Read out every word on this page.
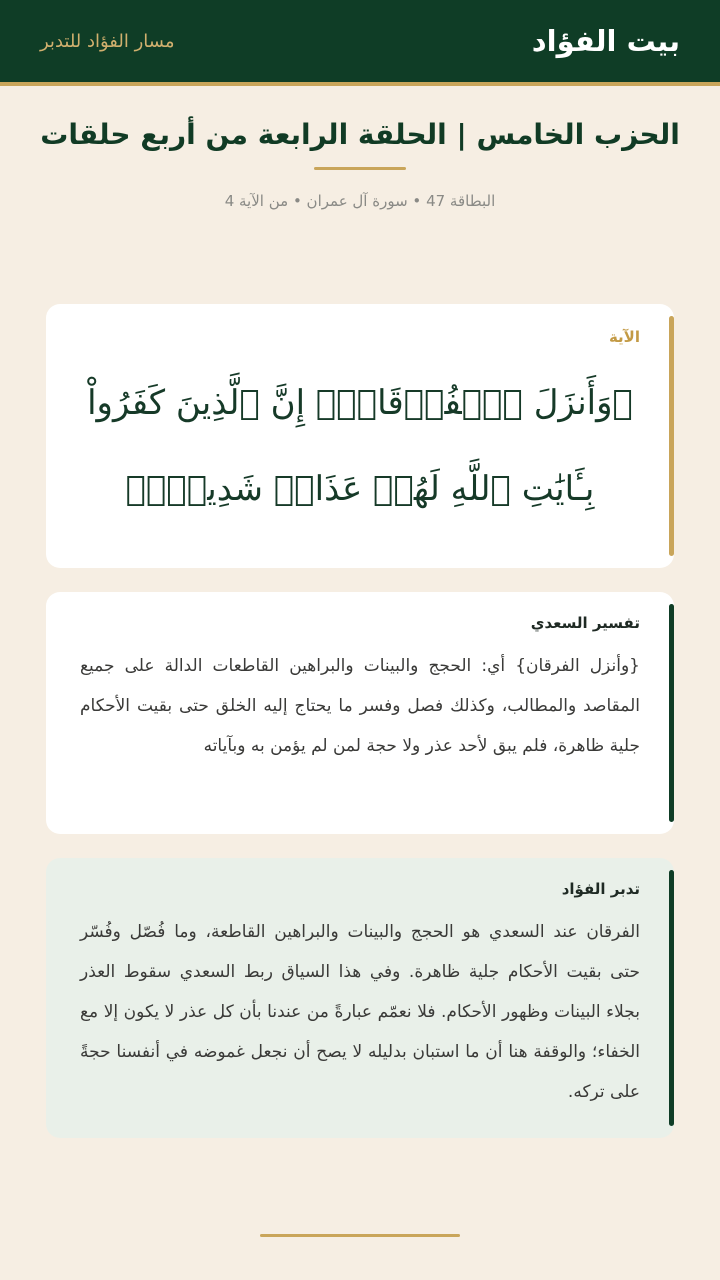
بيت الفؤاد
مسار الفؤاد للتدبر
الحزب الخامس | الحلقة الرابعة من أربع حلقات
البطاقة 47 • سورة آل عمران • من الآية 4
الآية
﴿وَأَنزَلَ ٱلۡفُرۡقَانَۗ إِنَّ ٱلَّذِينَ كَفَرُواْ بِـَٔايَٰتِ ٱللَّهِ لَهُمۡ عَذَابٞ شَدِيدٞۗ﴾
تفسير السعدي

{وأنزل الفرقان} أي: الحجج والبينات والبراهين القاطعات الدالة على جميع المقاصد والمطالب، وكذلك فصل وفسر ما يحتاج إليه الخلق حتى بقيت الأحكام جلية ظاهرة، فلم يبق لأحد عذر ولا حجة لمن لم يؤمن به وبآياته

تدبر الفؤاد

الفرقان عند السعدي هو الحجج والبينات والبراهين القاطعة، وما فُصّل وفُسّر حتى بقيت الأحكام جلية ظاهرة. وفي هذا السياق ربط السعدي سقوط العذر بجلاء البينات وظهور الأحكام. فلا نعمّم عبارةً من عندنا بأن كل عذر لا يكون إلا مع الخفاء؛ والوقفة هنا أن ما استبان بدليله لا يصح أن نجعل غموضه في أنفسنا حجةً على تركه.
